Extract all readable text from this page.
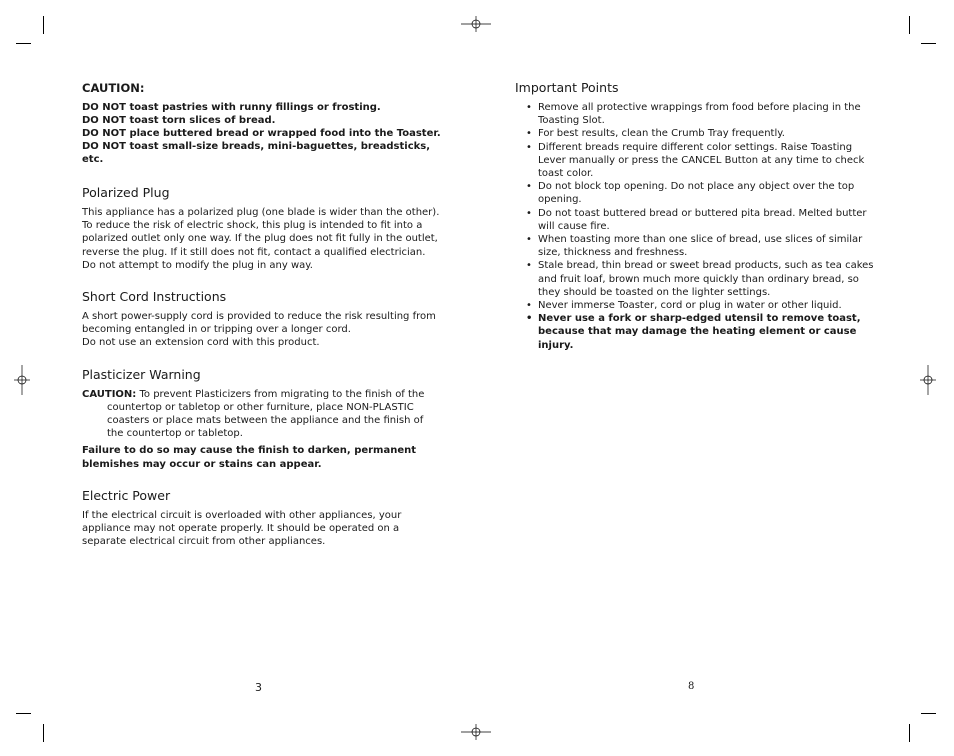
CAUTION:

DO NOT toast pastries with runny fillings or frosting.

DO NOT toast torn slices of bread.

DO NOT place buttered bread or wrapped food into the Toaster.

DO NOT toast small-size breads, mini-baguettes, breadsticks, etc.

Polarized Plug

This appliance has a polarized plug (one blade is wider than the other). To reduce the risk of electric shock, this plug is intended to fit into a polarized outlet only one way. If the plug does not fit fully in the outlet, reverse the plug. If it still does not fit, contact a qualified electrician. Do not attempt to modify the plug in any way.

Short Cord Instructions

A short power-supply cord is provided to reduce the risk resulting from becoming entangled in or tripping over a longer cord.

Do not use an extension cord with this product.

Plasticizer Warning

CAUTION: To prevent Plasticizers from migrating to the finish of the countertop or tabletop or other furniture, place NON-PLASTIC coasters or place mats between the appliance and the finish of the countertop or tabletop.

Failure to do so may cause the finish to darken, permanent blemishes may occur or stains can appear.

Electric Power

If the electrical circuit is overloaded with other appliances, your appliance may not operate properly. It should be operated on a separate electrical circuit from other appliances.

3
Important Points
• Remove all protective wrappings from food before placing in the Toasting Slot.
• For best results, clean the Crumb Tray frequently.
• Different breads require different color settings. Raise Toasting Lever manually or press the CANCEL Button at any time to check toast color.
• Do not block top opening. Do not place any object over the top opening.
• Do not toast buttered bread or buttered pita bread. Melted butter will cause fire.
• When toasting more than one slice of bread, use slices of similar size, thickness and freshness.
• Stale bread, thin bread or sweet bread products, such as tea cakes and fruit loaf, brown much more quickly than ordinary bread, so they should be toasted on the lighter settings.
• Never immerse Toaster, cord or plug in water or other liquid.
• Never use a fork or sharp-edged utensil to remove toast, because that may damage the heating element or cause injury.
8
